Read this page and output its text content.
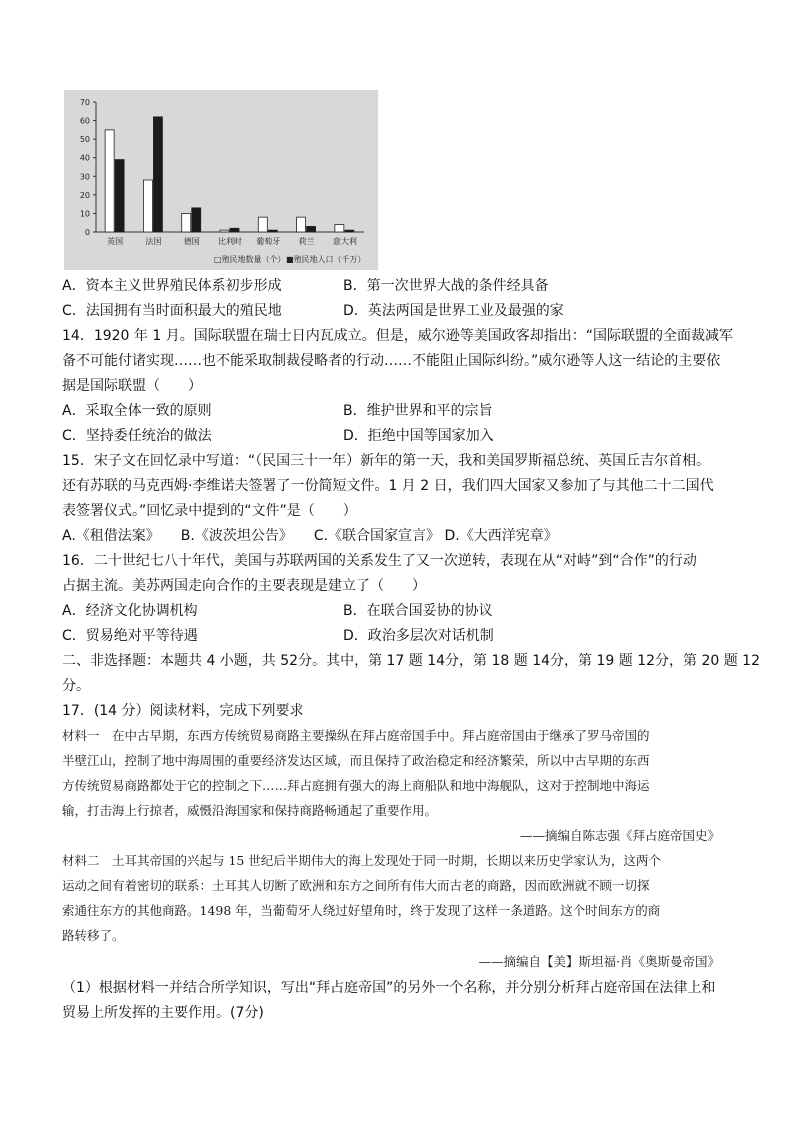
0
10
20
30
40
50
60
70
英国	法国	德国 比利时 葡萄牙 荷兰 意大利
□殖民地数量（个） ■殖民地人口（千万）
A．资本主义世界殖民体系初步形成	B．第一次世界大战的条件经具备
C．法国拥有当时面积最大的殖民地	D．英法两国是世界工业及最强的家
14．1920 年 1 月。国际联盟在瑞士日内瓦成立。但是，威尔逊等美国政客却指出：“国际联盟的全面裁减军
备不可能付诸实现……也不能采取制裁侵略者的行动……不能阻止国际纠纷。”威尔逊等人这一结论的主要依
据是国际联盟（　　）
A．采取全体一致的原则	B．维护世界和平的宗旨
C．坚持委任统治的做法	D．拒绝中国等国家加入
15．宋子文在回忆录中写道：“（民国三十一年）新年的第一天，我和美国罗斯福总统、英国丘吉尔首相。
还有苏联的马克西姆·李维诺夫签署了一份简短文件。1 月 2 日，我们四大国家又参加了与其他二十二国代
表签署仪式。”回忆录中提到的“文件”是（　　）
A.《租借法案》　　B.《波茨坦公告》　　C.《联合国家宣言》 D.《大西洋宪章》
16．二十世纪七八十年代，美国与苏联两国的关系发生了又一次逆转，表现在从“对峙”到“合作”的行动
占据主流。美苏两国走向合作的主要表现是建立了（　　）
A．经济文化协调机构	B．在联合国妥协的协议
C．贸易绝对平等待遇	D．政治多层次对话机制
二、非选择题：本题共 4 小题，共 52分。其中，第 17 题 14分，第 18 题 14分，第 19 题 12分，第 20 题 12
分。
17．(14 分）阅读材料，完成下列要求
材料一　在中古早期，东西方传统贸易商路主要操纵在拜占庭帝国手中。拜占庭帝国由于继承了罗马帝国的
半壁江山，控制了地中海周围的重要经济发达区域，而且保持了政治稳定和经济繁荣，所以中古早期的东西
方传统贸易商路都处于它的控制之下……拜占庭拥有强大的海上商船队和地中海舰队，这对于控制地中海运
输，打击海上行掠者，威慑沿海国家和保持商路畅通起了重要作用。
——摘编自陈志强《拜占庭帝国史》
材料二　土耳其帝国的兴起与 15 世纪后半期伟大的海上发现处于同一时期，长期以来历史学家认为，这两个
运动之间有着密切的联系：土耳其人切断了欧洲和东方之间所有伟大而古老的商路，因而欧洲就不顾一切探
索通往东方的其他商路。1498 年，当葡萄牙人绕过好望角时，终于发现了这样一条道路。这个时间东方的商
路转移了。
——摘编自【美】斯坦福·肖《奥斯曼帝国》
（1）根据材料一并结合所学知识，写出“拜占庭帝国”的另外一个名称，并分别分析拜占庭帝国在法律上和
贸易上所发挥的主要作用。(7分)
